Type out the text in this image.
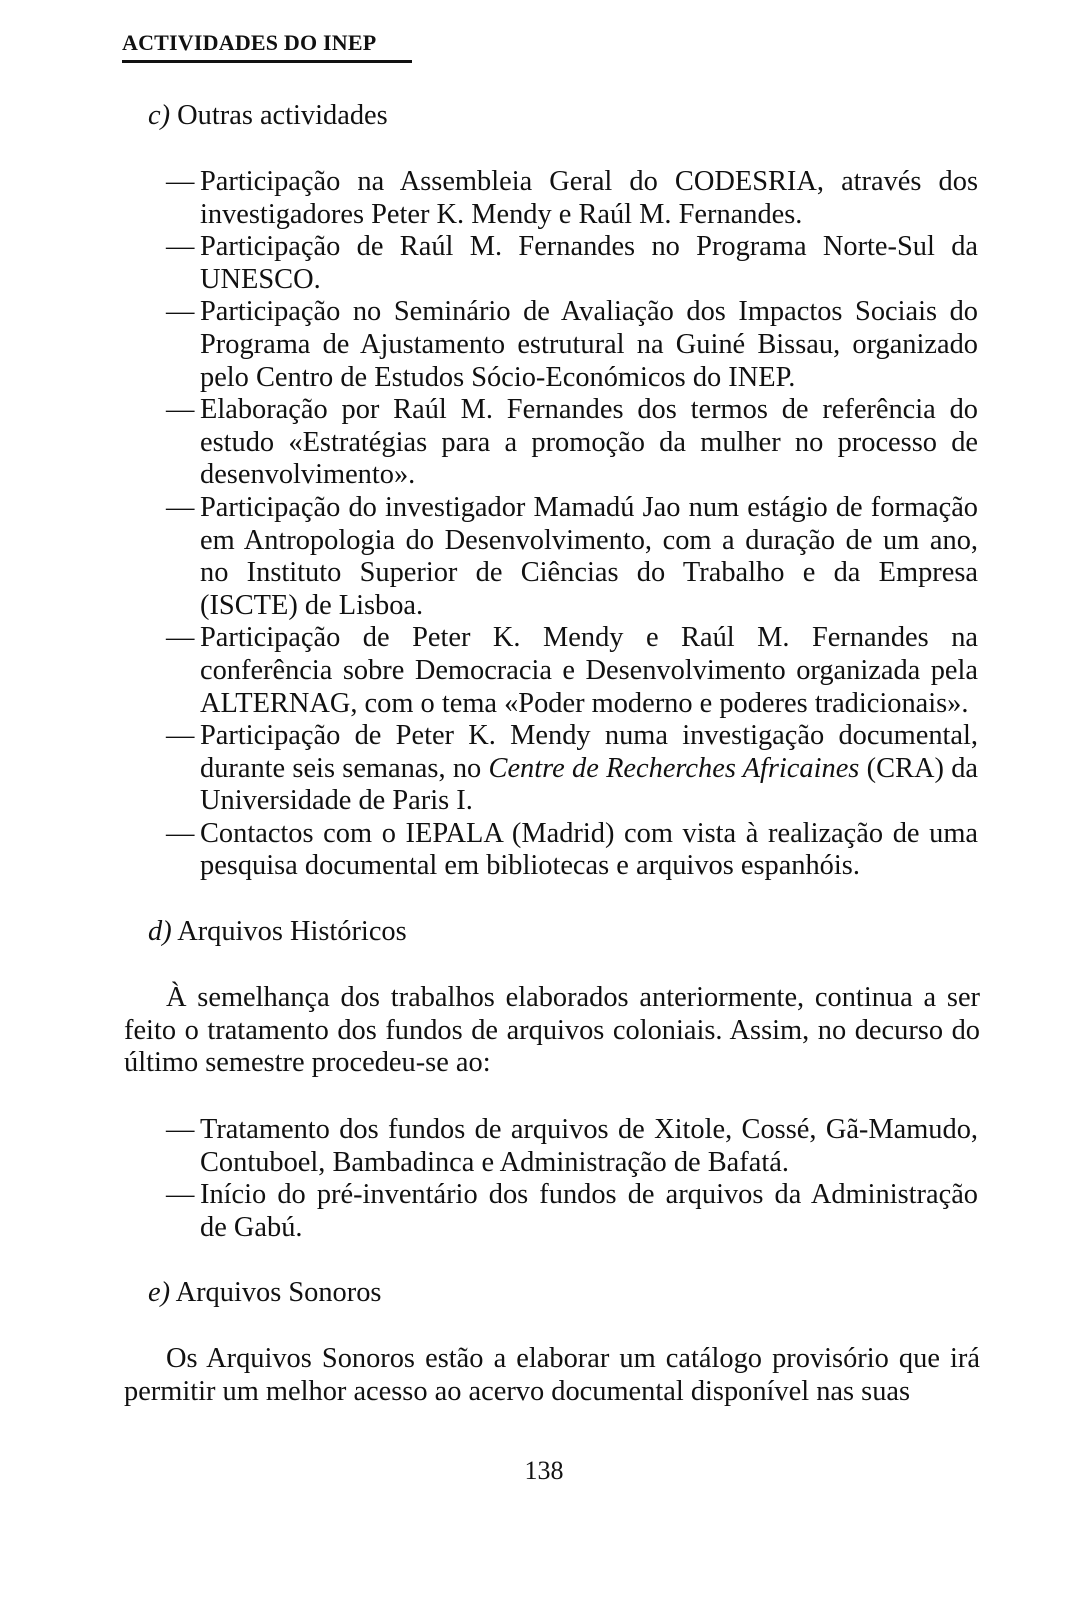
ACTIVIDADES DO INEP
c) Outras actividades
— Participação na Assembleia Geral do CODESRIA, através dos investigadores Peter K. Mendy e Raúl M. Fernandes.
— Participação de Raúl M. Fernandes no Programa Norte-Sul da UNESCO.
— Participação no Seminário de Avaliação dos Impactos Sociais do Programa de Ajustamento estrutural na Guiné Bissau, organizado pelo Centro de Estudos Sócio-Económicos do INEP.
— Elaboração por Raúl M. Fernandes dos termos de referência do estudo «Estratégias para a promoção da mulher no processo de desenvolvimento».
— Participação do investigador Mamadú Jao num estágio de formação em Antropologia do Desenvolvimento, com a duração de um ano, no Instituto Superior de Ciências do Trabalho e da Empresa (ISCTE) de Lisboa.
— Participação de Peter K. Mendy e Raúl M. Fernandes na conferência sobre Democracia e Desenvolvimento organizada pela ALTERNAG, com o tema «Poder moderno e poderes tradicionais».
— Participação de Peter K. Mendy numa investigação documental, durante seis semanas, no Centre de Recherches Africaines (CRA) da Universidade de Paris I.
— Contactos com o IEPALA (Madrid) com vista à realização de uma pesquisa documental em bibliotecas e arquivos espanhóis.
d) Arquivos Históricos
À semelhança dos trabalhos elaborados anteriormente, continua a ser feito o tratamento dos fundos de arquivos coloniais. Assim, no decurso do último semestre procedeu-se ao:
— Tratamento dos fundos de arquivos de Xitole, Cossé, Gã-Mamudo, Contuboel, Bambadinca e Administração de Bafatá.
— Início do pré-inventário dos fundos de arquivos da Administração de Gabú.
e) Arquivos Sonoros
Os Arquivos Sonoros estão a elaborar um catálogo provisório que irá permitir um melhor acesso ao acervo documental disponível nas suas
138
